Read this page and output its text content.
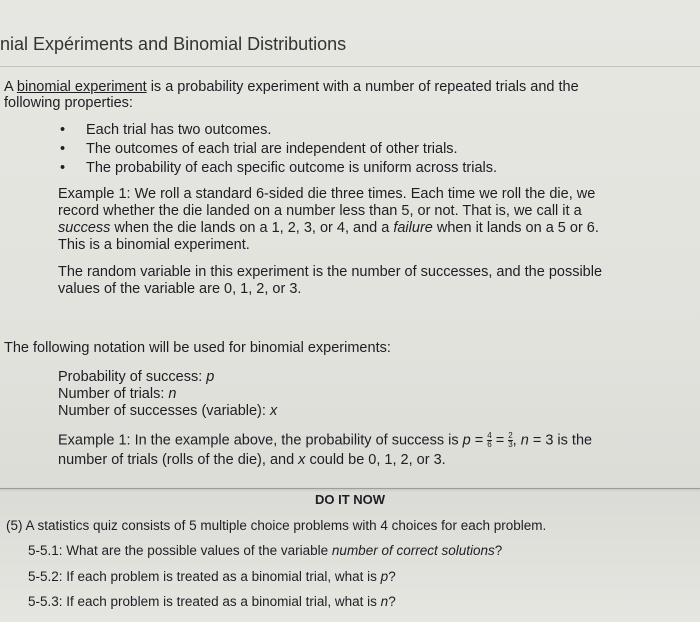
nial Expériments and Binomial Distributions
A binomial experiment is a probability experiment with a number of repeated trials and the
following properties:
• Each trial has two outcomes.
• The outcomes of each trial are independent of other trials.
• The probability of each specific outcome is uniform across trials.
Example 1: We roll a standard 6-sided die three times. Each time we roll the die, we
record whether the die landed on a number less than 5, or not. That is, we call it a
success when the die lands on a 1, 2, 3, or 4, and a failure when it lands on a 5 or 6.
This is a binomial experiment.
The random variable in this experiment is the number of successes, and the possible
values of the variable are 0, 1, 2, or 3.
The following notation will be used for binomial experiments:
Probability of success: p
Number of trials: n
Number of successes (variable): x
Example 1: In the example above, the probability of success is $p = \frac{4}{6} = \frac{2}{3}$ , n = 3 is the
number of trials (rolls of the die), and x could be 0, 1, 2, or 3.
DO IT NOW
(5) A statistics quiz consists of 5 multiple choice problems with 4 choices for each problem.
5-5.1: What are the possible values of the variable number of correct solutions?
5-5.2: If each problem is treated as a binomial trial, what is p?
5-5.3: If each problem is treated as a binomial trial, what is n?
